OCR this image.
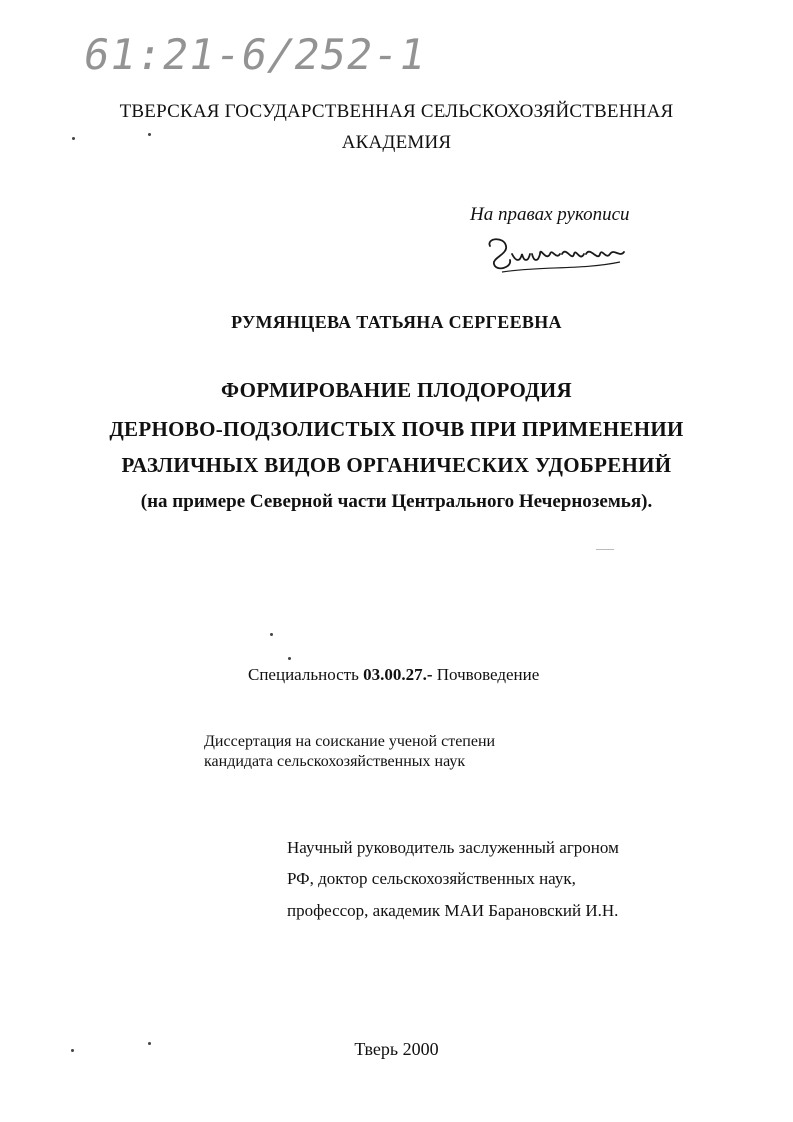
61:21-6/252-1
ТВЕРСКАЯ ГОСУДАРСТВЕННАЯ СЕЛЬСКОХОЗЯЙСТВЕННАЯ
АКАДЕМИЯ
На правах рукописи
РУМЯНЦЕВА ТАТЬЯНА СЕРГЕЕВНА
ФОРМИРОВАНИЕ ПЛОДОРОДИЯ
ДЕРНОВО-ПОДЗОЛИСТЫХ ПОЧВ ПРИ ПРИМЕНЕНИИ
РАЗЛИЧНЫХ ВИДОВ ОРГАНИЧЕСКИХ УДОБРЕНИЙ
(на примере Северной части Центрального Нечерноземья).
Специальность 03.00.27.- Почвоведение
Диссертация на соискание ученой степени
кандидата сельскохозяйственных наук
Научный руководитель заслуженный агроном
РФ, доктор сельскохозяйственных наук,
профессор, академик МАИ Барановский И.Н.
Тверь 2000
